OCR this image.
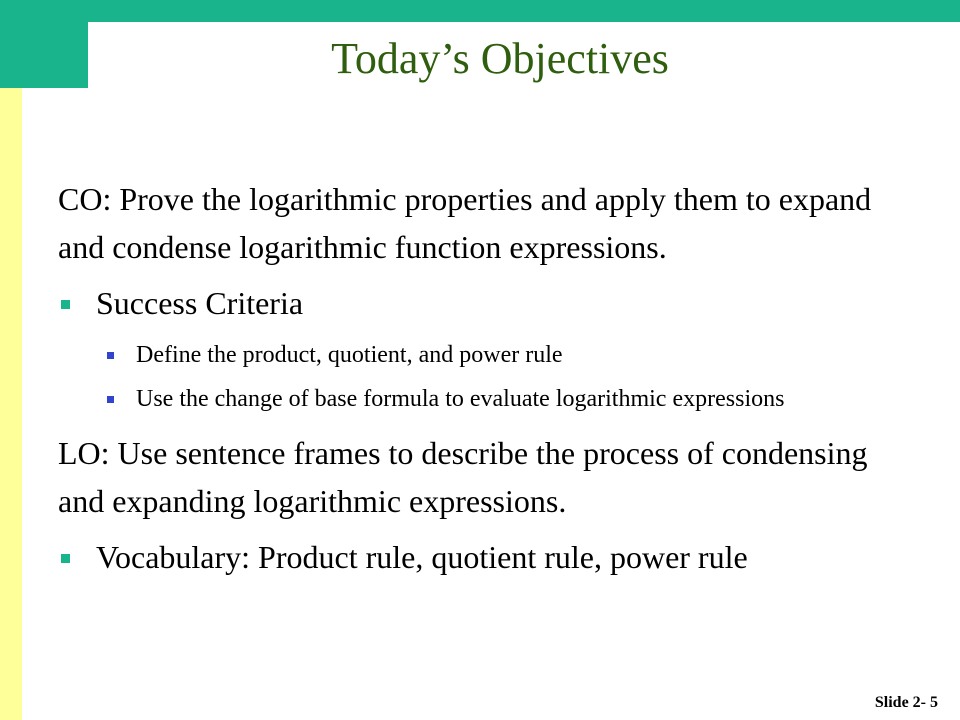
Today’s Objectives

CO: Prove the logarithmic properties and apply them to expand and condense logarithmic function expressions.

Success Criteria
Define the product, quotient, and power rule
Use the change of base formula to evaluate logarithmic expressions

LO: Use sentence frames to describe the process of condensing and expanding logarithmic expressions.

Vocabulary: Product rule, quotient rule, power rule
Slide 2- 5
